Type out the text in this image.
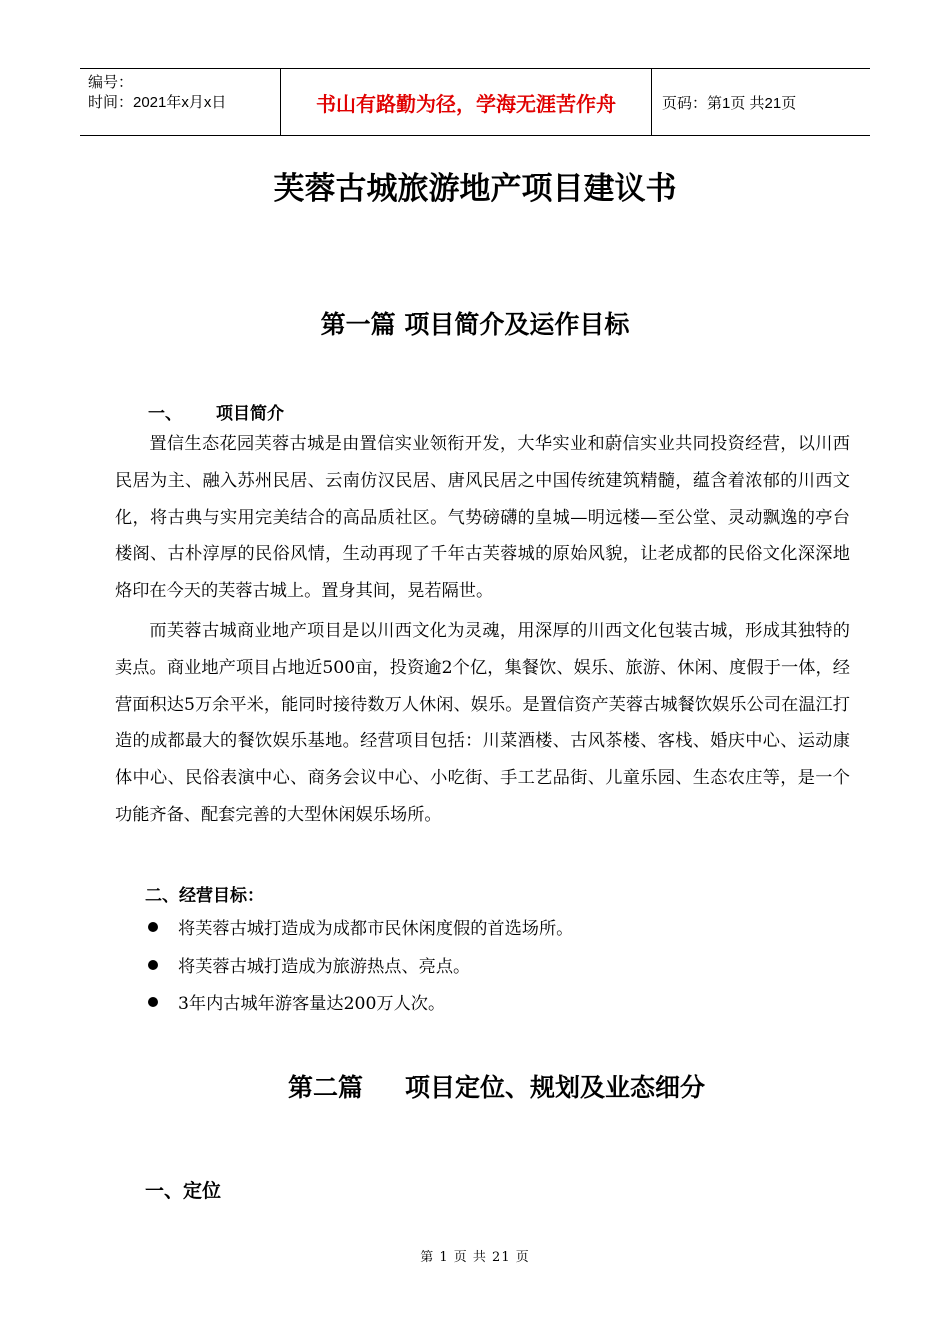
编号：
时间：2021年x月x日	书山有路勤为径，学海无涯苦作舟	页码：第1页 共21页
芙蓉古城旅游地产项目建议书
第一篇 项目简介及运作目标
一、 项目简介

置信生态花园芙蓉古城是由置信实业领衔开发，大华实业和蔚信实业共同投资经营，以川西民居为主、融入苏州民居、云南仿汉民居、唐风民居之中国传统建筑精髓，蕴含着浓郁的川西文化，将古典与实用完美结合的高品质社区。气势磅礴的皇城—明远楼—至公堂、灵动飘逸的亭台楼阁、古朴淳厚的民俗风情，生动再现了千年古芙蓉城的原始风貌，让老成都的民俗文化深深地烙印在今天的芙蓉古城上。置身其间，晃若隔世。

而芙蓉古城商业地产项目是以川西文化为灵魂，用深厚的川西文化包装古城，形成其独特的卖点。商业地产项目占地近500亩，投资逾2个亿，集餐饮、娱乐、旅游、休闲、度假于一体，经营面积达5万余平米，能同时接待数万人休闲、娱乐。是置信资产芙蓉古城餐饮娱乐公司在温江打造的成都最大的餐饮娱乐基地。经营项目包括：川菜酒楼、古风茶楼、客栈、婚庆中心、运动康体中心、民俗表演中心、商务会议中心、小吃街、手工艺品街、儿童乐园、生态农庄等，是一个功能齐备、配套完善的大型休闲娱乐场所。

二、经营目标：
将芙蓉古城打造成为成都市民休闲度假的首选场所。
将芙蓉古城打造成为旅游热点、亮点。
3年内古城年游客量达200万人次。
第二篇 项目定位、规划及业态细分
一、定位
第 1 页 共 21 页
